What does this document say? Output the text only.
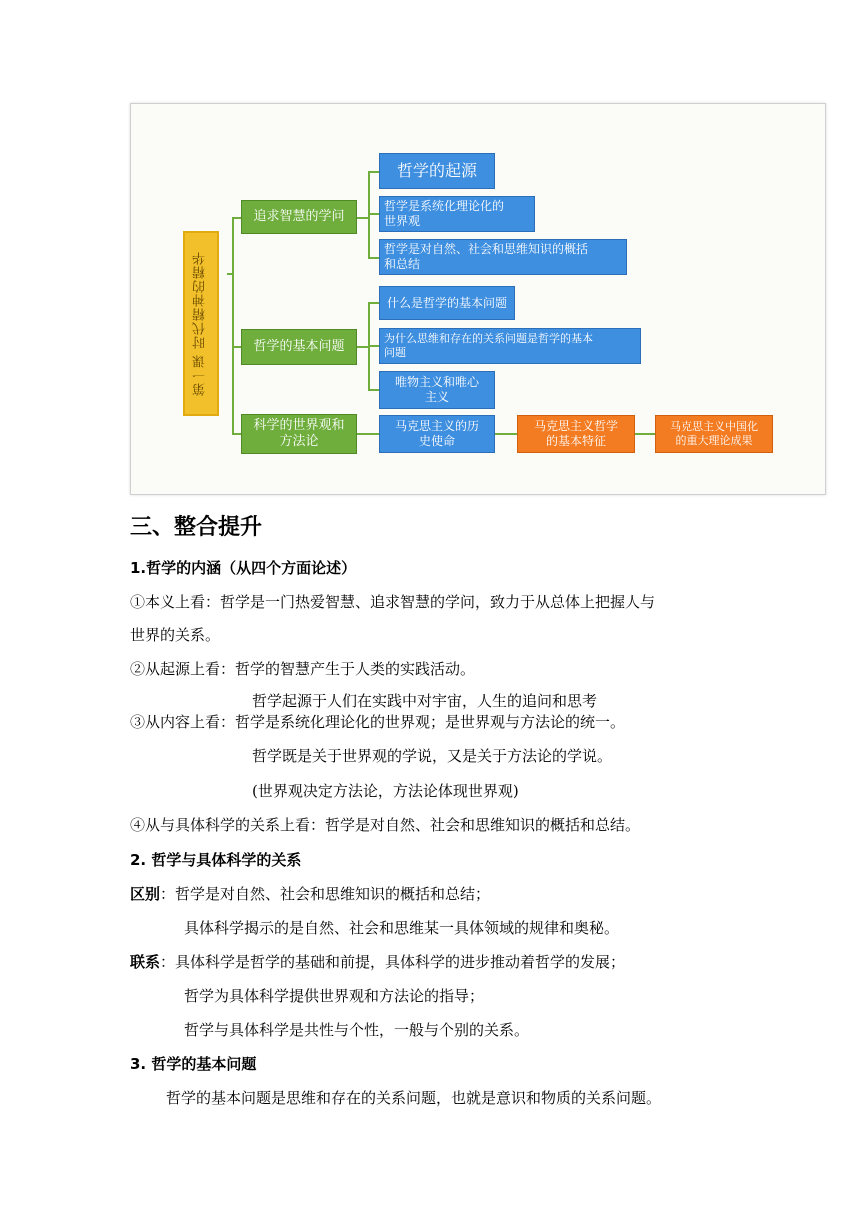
第一课 时代精神的精华
追求智慧的学问
哲学的基本问题
科学的世界观和
方法论
哲学的起源
哲学是系统化理论化的
世界观
哲学是对自然、社会和思维知识的概括
和总结
什么是哲学的基本问题
为什么思维和存在的关系问题是哲学的基本
问题
唯物主义和唯心
主义
马克思主义的历
史使命
马克思主义哲学
的基本特征
马克思主义中国化
的重大理论成果
三、整合提升
1.哲学的内涵（从四个方面论述）
①本义上看：哲学是一门热爱智慧、追求智慧的学问，致力于从总体上把握人与
世界的关系。
②从起源上看：哲学的智慧产生于人类的实践活动。
哲学起源于人们在实践中对宇宙，人生的追问和思考
③从内容上看：哲学是系统化理论化的世界观；是世界观与方法论的统一。
哲学既是关于世界观的学说，又是关于方法论的学说。
(世界观决定方法论，方法论体现世界观)
④从与具体科学的关系上看：哲学是对自然、社会和思维知识的概括和总结。
2. 哲学与具体科学的关系
区别：哲学是对自然、社会和思维知识的概括和总结；
具体科学揭示的是自然、社会和思维某一具体领域的规律和奥秘。
联系：具体科学是哲学的基础和前提，具体科学的进步推动着哲学的发展；
哲学为具体科学提供世界观和方法论的指导；
哲学与具体科学是共性与个性，一般与个别的关系。
3. 哲学的基本问题
哲学的基本问题是思维和存在的关系问题，也就是意识和物质的关系问题。
